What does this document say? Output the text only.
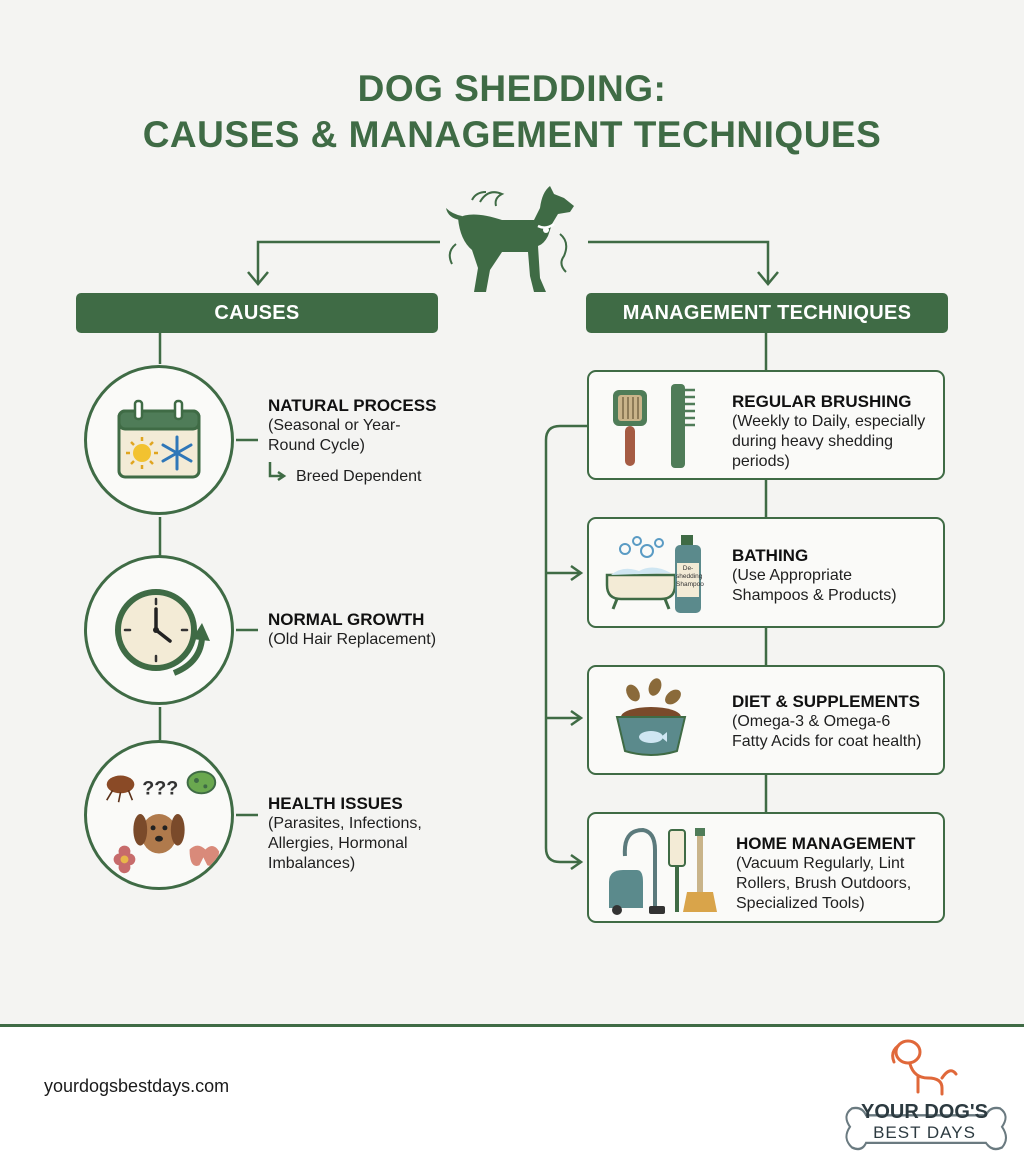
DOG SHEDDING:
CAUSES & MANAGEMENT TECHNIQUES
CAUSES	MANAGEMENT TECHNIQUES
NATURAL PROCESS
(Seasonal or Year-
Round Cycle)
Breed Dependent
NORMAL GROWTH
(Old Hair Replacement)
???
HEALTH ISSUES
(Parasites, Infections,
Allergies, Hormonal
Imbalances)
REGULAR BRUSHING
(Weekly to Daily, especially
during heavy shedding
periods)
De-
shedding
Shampoo
BATHING
(Use Appropriate
Shampoos & Products)
DIET & SUPPLEMENTS
(Omega-3 & Omega-6
Fatty Acids for coat health)
HOME MANAGEMENT
(Vacuum Regularly, Lint
Rollers, Brush Outdoors,
Specialized Tools)
yourdogsbestdays.com
YOUR DOG'S
BEST DAYS
